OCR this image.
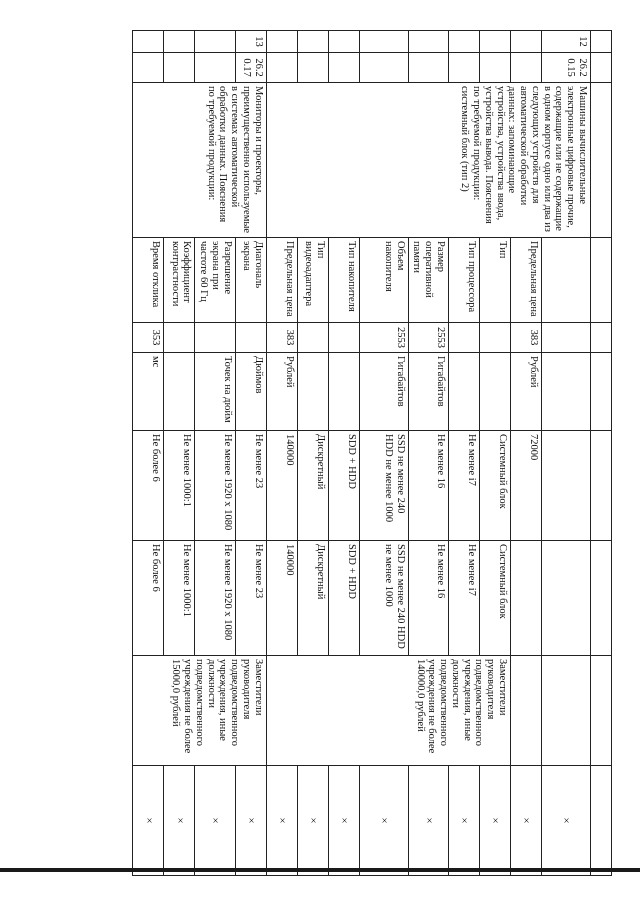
12	26.20.15	Машины вычислительные электронные цифровые прочие, содержащие или не содержащие в одном корпусе одно или два из следующих устройств для автоматической обработки данных: запоминающие устройства, устройства ввода, устройства вывода. Пояснения по требуемой продукции: системный блок (тип 2)							×
			Предельная цена	383	Рублей	72000			×
			Тип			Системный блок	Системный блок	Заместители руководителя подведомственного учреждения, иные должности подведомственного учреждения не более 140000,0 рублей	×
			Тип процессора			Не менее i7	Не менее i7		×
			Размер оперативной памяти	2553	Гигабайтов	Не менее 16	Не менее 16		×
			Объем накопителя	2553	Гигабайтов	SSD не менее 240 HDD не менее 1000	SSD не менее 240 HDD не менее 1000		×
			Тип накопителя			SDD + HDD	SDD + HDD		×
			Тип видеоадаптера			Дискретный	Дискретный		×
			Предельная цена	383	Рублей	140000	140000		×
13	26.20.17	Мониторы и проекторы, преимущественно используемые в системах автоматической обработки данных. Пояснения по требуемой продукции:	Диагональ экрана		Дюймов	Не менее 23	Не менее 23	Заместители руководителя подведомственного учреждения, иные должности подведомственного учреждения не более 15000,0 рублей	×
			Разрешение экрана при частоте 60 Гц		Точек на дюйм	Не менее 1920 x 1080	Не менее 1920 x 1080		×
			Коэффициент контрастности			Не менее 1000:1	Не менее 1000:1		×
			Время отклика	353	мс	Не более 6	Не более 6		×
